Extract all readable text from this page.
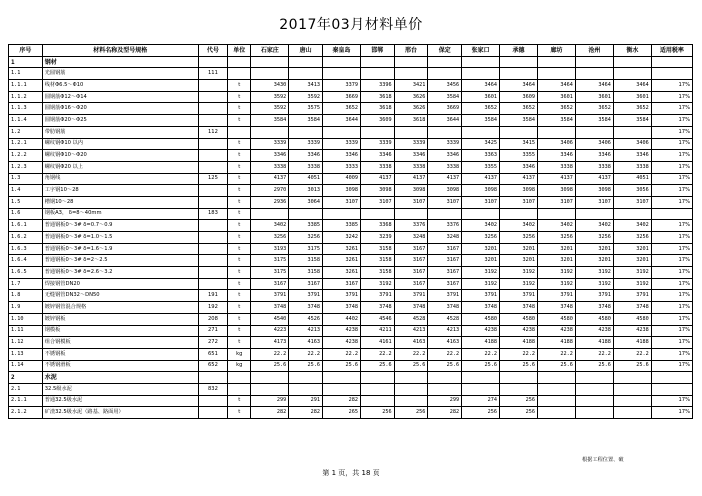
2017年03月材料单价
序号	材料名称及型号规格	代号	单位	石家庄	唐山	秦皇岛	邯郸	邢台	保定	张家口	承德	廊坊	沧州	衡水	适用税率
1	钢材														
1.1	光圆钢筋	111													
1.1.1	线材Φ6.5～Φ10		t	3430	3413	3379	3396	3421	3456	3464	3464	3464	3464	3464	17%
1.1.2	圆钢筋Φ12～Φ14		t	3592	3592	3669	3618	3626	3584	3601	3609	3601	3601	3601	17%
1.1.3	圆钢筋Φ16～Φ20		t	3592	3575	3652	3618	3626	3669	3652	3652	3652	3652	3652	17%
1.1.4	圆钢筋Φ20～Φ25		t	3584	3584	3644	3609	3618	3644	3584	3584	3584	3584	3584	17%
1.2	带肋钢筋	112													17%
1.2.1	螺纹钢Φ10 以内		t	3339	3339	3339	3339	3339	3339	3425	3415	3406	3406	3406	17%
1.2.2	螺纹钢Φ10～Φ20		t	3346	3346	3346	3346	3346	3346	3363	3355	3346	3346	3346	17%
1.2.3	螺纹钢Φ20 以上		t	3338	3338	3333	3338	3338	3338	3355	3346	3338	3338	3338	17%
1.3	角钢线	125	t	4137	4051	4009	4137	4137	4137	4137	4137	4137	4137	4051	17%
1.4	工字钢10～28		t	2970	3013	3098	3098	3098	3098	3098	3098	3098	3098	3056	17%
1.5	槽钢10～28		t	2936	3064	3107	3107	3107	3107	3107	3107	3107	3107	3107	17%
1.6	钢板A3， δ=8～40mm	183	t												
1.6.1	普通钢板0～3# δ=0.7～0.9		t	3402	3385	3385	3368	3376	3376	3402	3402	3402	3402	3402	17%
1.6.2	普通钢板0～3# δ=1.0～1.5		t	3256	3256	3242	3239	3248	3248	3256	3256	3256	3256	3256	17%
1.6.3	普通钢板0～3# δ=1.6～1.9		t	3193	3175	3261	3158	3167	3167	3201	3201	3201	3201	3201	17%
1.6.4	普通钢板0～3# δ=2～2.5		t	3175	3158	3261	3158	3167	3167	3201	3201	3201	3201	3201	17%
1.6.5	普通钢板0～3# δ=2.6～3.2		t	3175	3158	3261	3158	3167	3167	3192	3192	3192	3192	3192	17%
1.7	焊接钢管DN20		t	3167	3167	3167	3192	3167	3167	3192	3192	3192	3192	3192	17%
1.8	无缝钢管DN32～DN50	191	t	3791	3791	3791	3791	3791	3791	3791	3791	3791	3791	3791	17%
1.9	镀锌钢管混合规格	192	t	3748	3748	3748	3748	3748	3748	3748	3748	3748	3748	3748	17%
1.10	镀锌钢板	208	t	4540	4526	4402	4546	4528	4528	4580	4580	4580	4580	4580	17%
1.11	钢模板	271	t	4223	4213	4238	4211	4213	4213	4238	4238	4238	4238	4238	17%
1.12	组合钢模板	272	t	4173	4163	4238	4161	4163	4163	4188	4188	4188	4188	4188	17%
1.13	不锈钢板	651	kg	22.2	22.2	22.2	22.2	22.2	22.2	22.2	22.2	22.2	22.2	22.2	17%
1.14	不锈钢滑板	652	kg	25.6	25.6	25.6	25.6	25.6	25.6	25.6	25.6	25.6	25.6	25.6	17%
2	水泥														
2.1	32.5级水泥	832													
2.1.1	普通32.5级水泥		t	299	291	282			299	274	256				17%
2.1.2	矿渣32.5级水泥（路基、路面用）		t	282	282	265	256	256	282	256	256				17%
根据工程位置、破
第 1 页，共 18 页
